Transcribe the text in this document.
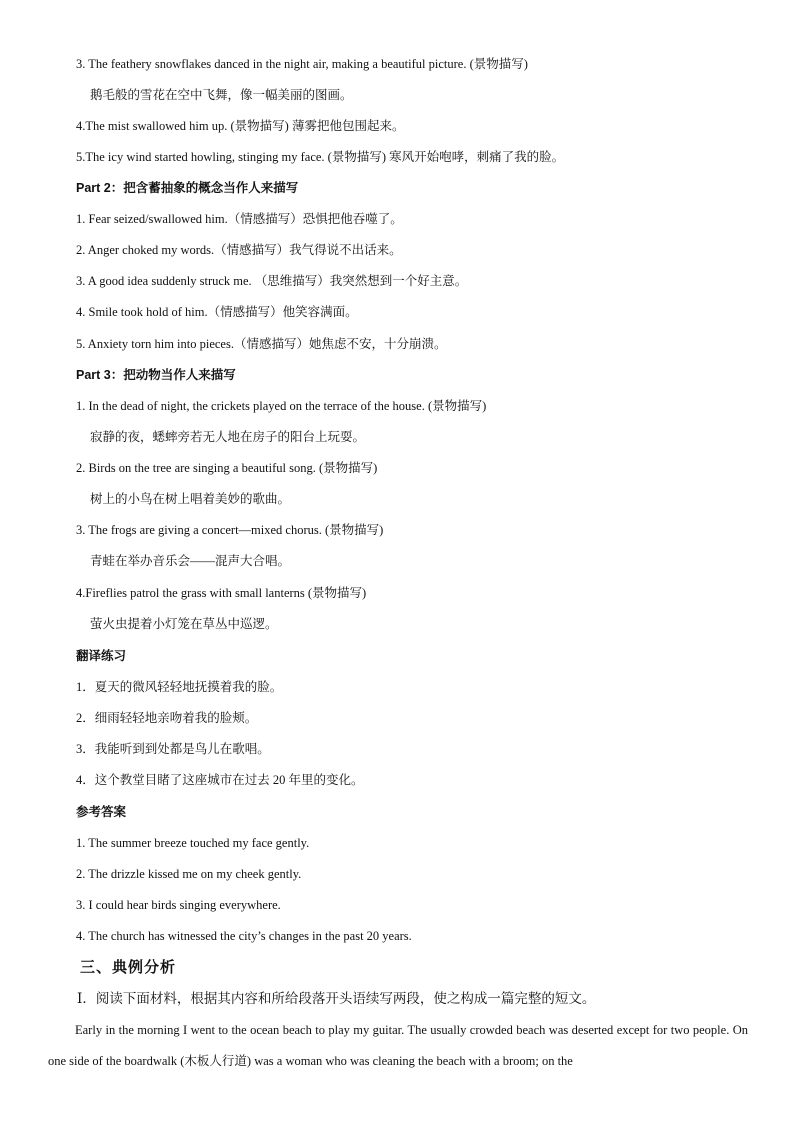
3. The feathery snowflakes danced in the night air, making a beautiful picture. (景物描写)
鹅毛般的雪花在空中飞舞，像一幅美丽的图画。
4.The mist swallowed him up. (景物描写) 薄雾把他包围起来。
5.The icy wind started howling, stinging my face. (景物描写) 寒风开始咆哮，刺痛了我的脸。
Part 2：把含蓄抽象的概念当作人来描写
1. Fear seized/swallowed him.（情感描写）恐惧把他吞噬了。
2. Anger choked my words.（情感描写）我气得说不出话来。
3. A good idea suddenly struck me. （思维描写）我突然想到一个好主意。
4. Smile took hold of him.（情感描写）他笑容满面。
5. Anxiety torn him into pieces.（情感描写）她焦虑不安，十分崩溃。
Part 3：把动物当作人来描写
1. In the dead of night, the crickets played on the terrace of the house. (景物描写)
寂静的夜，蟋蟀旁若无人地在房子的阳台上玩耍。
2. Birds on the tree are singing a beautiful song. (景物描写)
树上的小鸟在树上唱着美妙的歌曲。
3. The frogs are giving a concert—mixed chorus. (景物描写)
青蛙在举办音乐会——混声大合唱。
4.Fireflies patrol the grass with small lanterns (景物描写)
萤火虫提着小灯笼在草丛中巡逻。
翻译练习
1．夏天的微风轻轻地抚摸着我的脸。
2．细雨轻轻地亲吻着我的脸颊。
3．我能听到到处都是鸟儿在歌唱。
4．这个教堂目睹了这座城市在过去 20 年里的变化。
参考答案
1. The summer breeze touched my face gently.
2. The drizzle kissed me on my cheek gently.
3. I could hear birds singing everywhere.
4. The church has witnessed the city’s changes in the past 20 years.
三、典例分析
Ⅰ．阅读下面材料，根据其内容和所给段落开头语续写两段，使之构成一篇完整的短文。
Early in the morning I went to the ocean beach to play my guitar. The usually crowded beach was deserted except for two people. On one side of the boardwalk (木板人行道) was a woman who was cleaning the beach with a broom; on the
